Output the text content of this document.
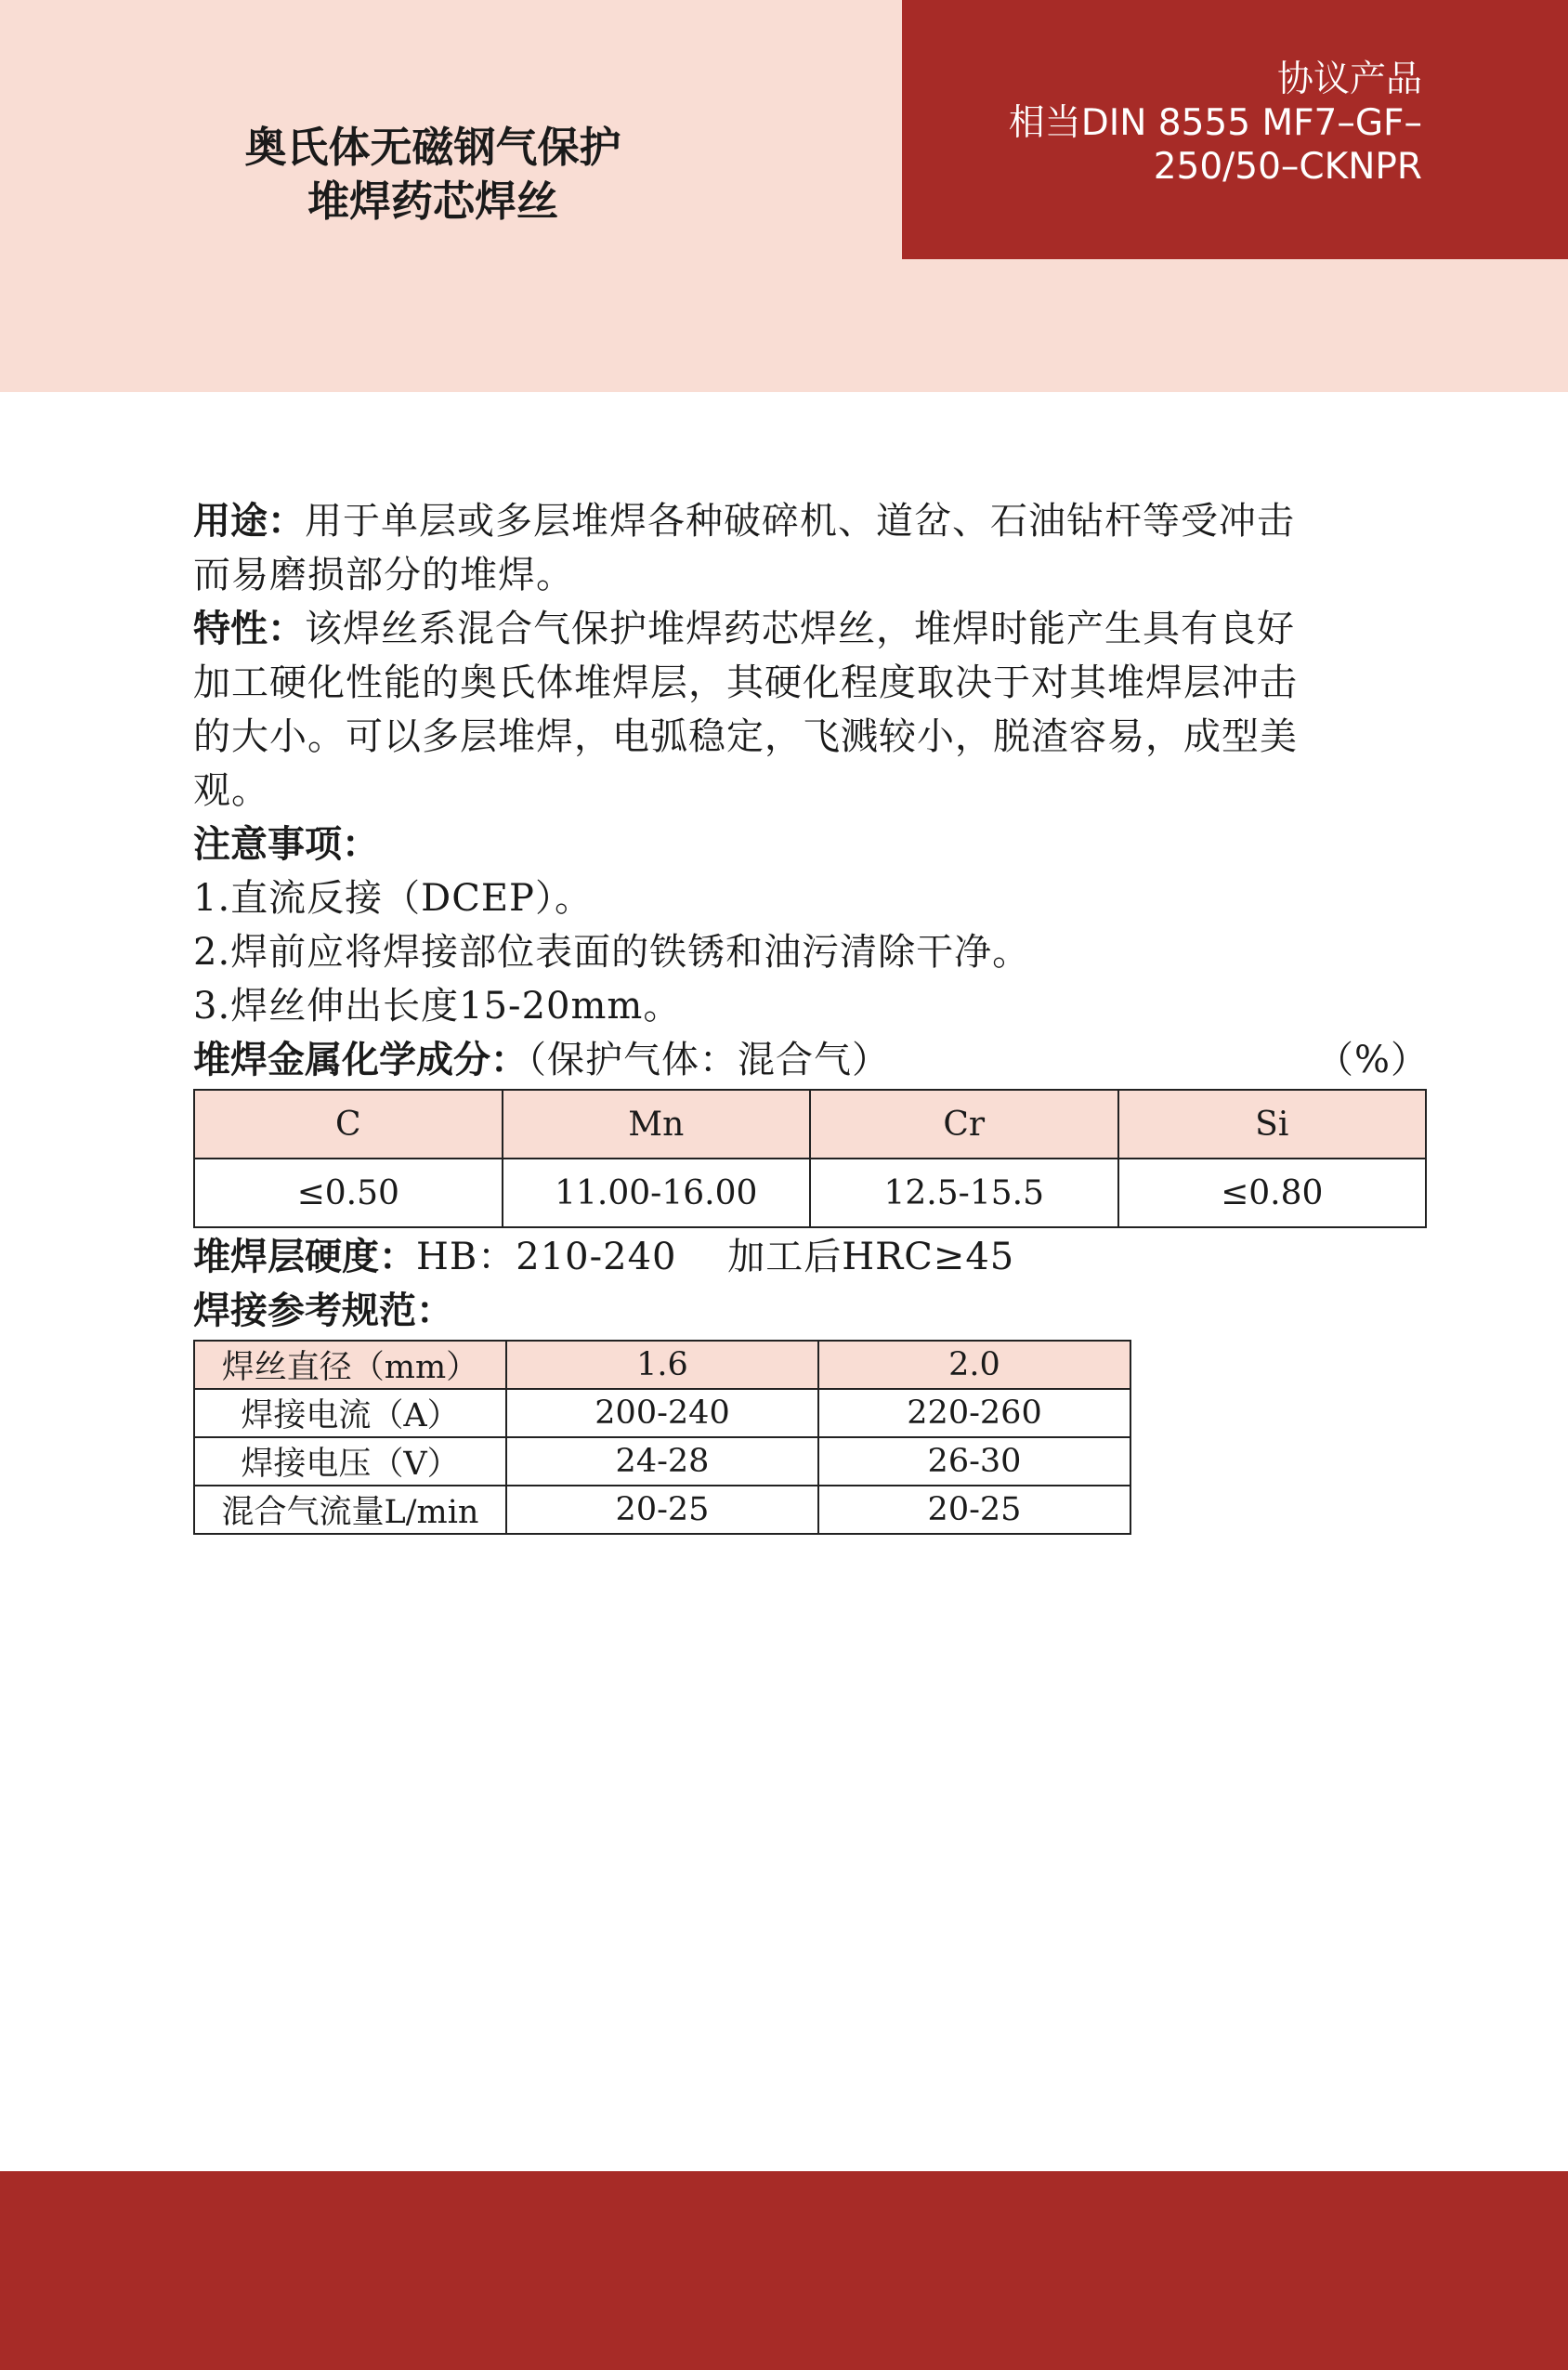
奥氏体无磁钢气保护
堆焊药芯焊丝
协议产品
相当DIN 8555 MF7–GF–
250/50–CKNPR
用途：用于单层或多层堆焊各种破碎机、道岔、石油钻杆等受冲击
而易磨损部分的堆焊。
特性：该焊丝系混合气保护堆焊药芯焊丝，堆焊时能产生具有良好
加工硬化性能的奥氏体堆焊层，其硬化程度取决于对其堆焊层冲击
的大小。可以多层堆焊，电弧稳定，飞溅较小，脱渣容易，成型美
观。
注意事项：
1.直流反接（DCEP）。
2.焊前应将焊接部位表面的铁锈和油污清除干净。
3.焊丝伸出长度15-20mm。
堆焊金属化学成分：（保护气体：混合气）	（%）
C	Mn	Cr	Si
≤0.50	11.00-16.00	12.5-15.5	≤0.80
堆焊层硬度：HB：210-240　 加工后HRC≥45
焊接参考规范：
焊丝直径（mm）	1.6	2.0
焊接电流（A）	200-240	220-260
焊接电压（V）	24-28	26-30
混合气流量L/min	20-25	20-25
